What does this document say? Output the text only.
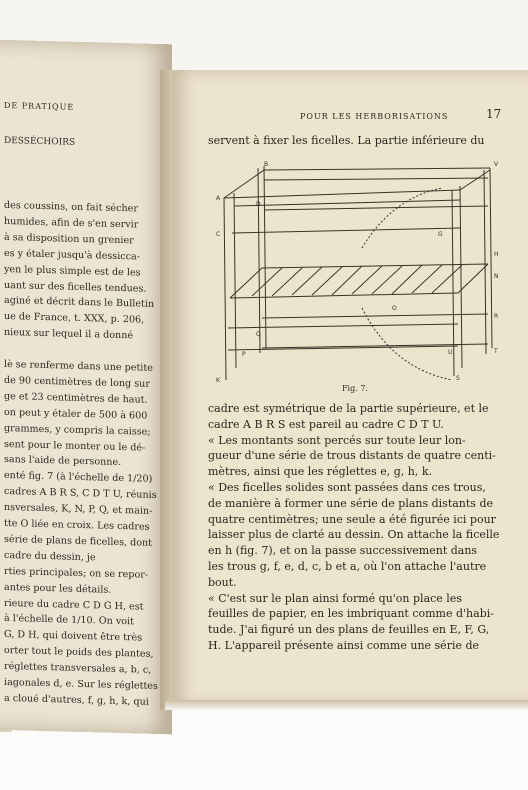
DE PRATIQUE
DESSÉCHOIRS
des coussins, on fait sécher
humides, afin de s'en servir
à sa disposition un grenier
es y étaler jusqu'à dessicca-
yen le plus simple est de les
uant sur des ficelles tendues.
aginé et décrit dans le Bulletin
ue de France, t. XXX, p. 206,
nieux sur lequel il a donné
lè se renferme dans une petite
de 90 centimètres de long sur
ge et 23 centimètres de haut.
on peut y étaler de 500 à 600
grammes, y compris la caisse;
sent pour le monter ou le dé-
sans l'aide de personne.
enté fig. 7 (à l'échelle de 1/20)
cadres A B R S, C D T U, réunis
nsversales, K, N, P, Q, et main-
tte O liée en croix. Les cadres
série de plans de ficelles, dont
cadre du dessin, je
rties principales; on se repor-
antes pour les détails.
rieure du cadre C D G H, est
à l'échelle de 1/10. On voit
G, D H, qui doivent être très
orter tout le poids des plantes,
réglettes transversales a, b, c,
iagonales d, e. Sur les réglettes
a cloué d'autres, f, g, h, k, qui
POUR LES HERBORISATIONS	17
servent à fixer les ficelles. La partie inférieure du
A
B
C
D
G
H
K
N
O
P
Q
R
S
T
U
V
Fig. 7.
cadre est symétrique de la partie supérieure, et le
cadre A B R S est pareil au cadre C D T U.
« Les montants sont percés sur toute leur lon-
gueur d'une série de trous distants de quatre centi-
mètres, ainsi que les réglettes e, g, h, k.
« Des ficelles solides sont passées dans ces trous,
de manière à former une série de plans distants de
quatre centimètres; une seule a été figurée ici pour
laisser plus de clarté au dessin. On attache la ficelle
en h (fig. 7), et on la passe successivement dans
les trous g, f, e, d, c, b et a, où l'on attache l'autre
bout.
« C'est sur le plan ainsi formé qu'on place les
feuilles de papier, en les imbriquant comme d'habi-
tude. J'ai figuré un des plans de feuilles en E, F, G,
H. L'appareil présente ainsi comme une série de
